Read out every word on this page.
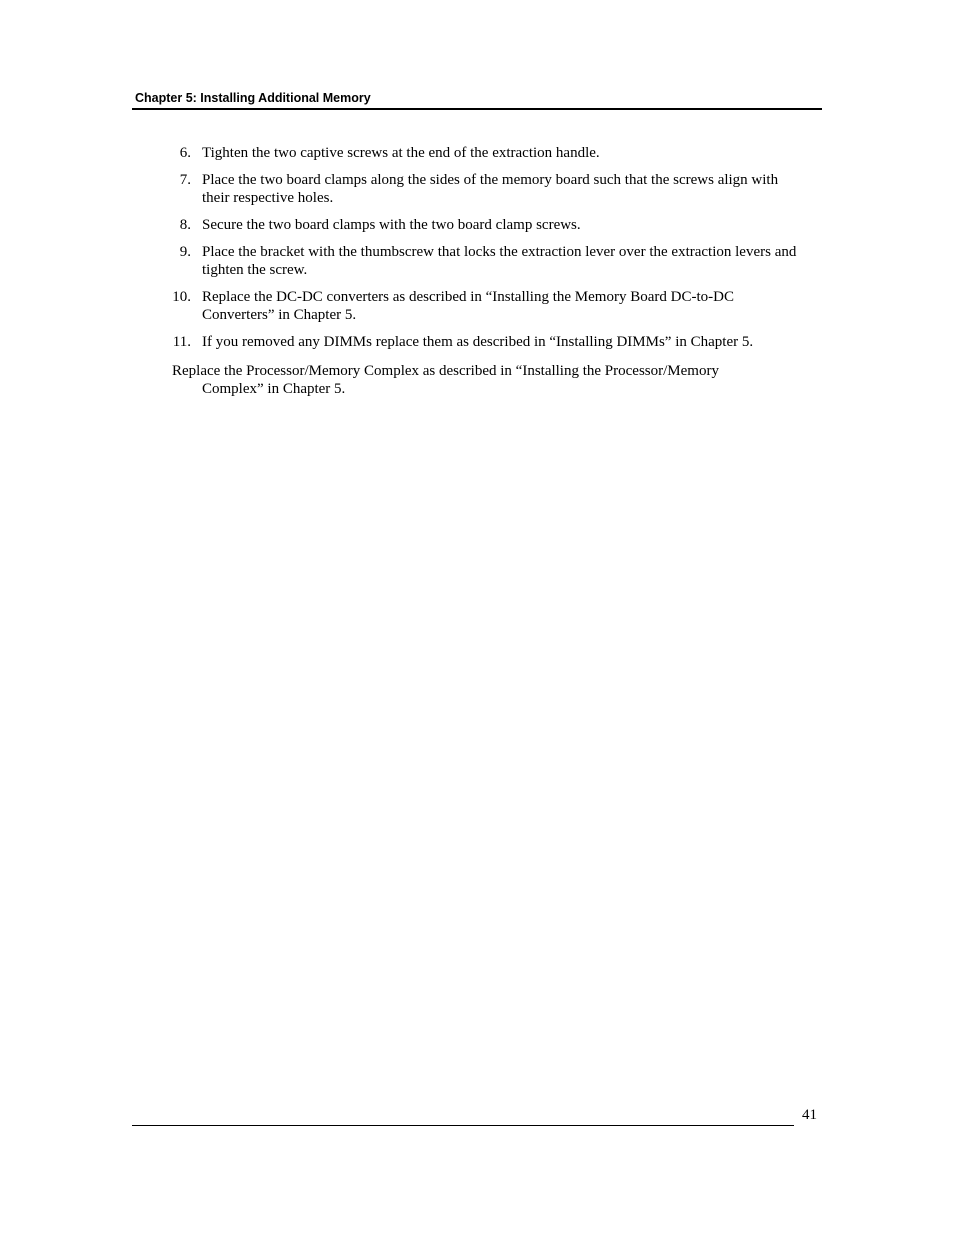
Chapter 5: Installing Additional Memory
6. Tighten the two captive screws at the end of the extraction handle.
7. Place the two board clamps along the sides of the memory board such that the screws align with their respective holes.
8. Secure the two board clamps with the two board clamp screws.
9. Place the bracket with the thumbscrew that locks the extraction lever over the extraction levers and tighten the screw.
10. Replace the DC-DC converters as described in “Installing the Memory Board DC-to-DC Converters” in Chapter 5.
11. If you removed any DIMMs replace them as described in “Installing DIMMs” in Chapter 5.

Replace the Processor/Memory Complex as described in “Installing the Processor/Memory Complex” in Chapter 5.

41
